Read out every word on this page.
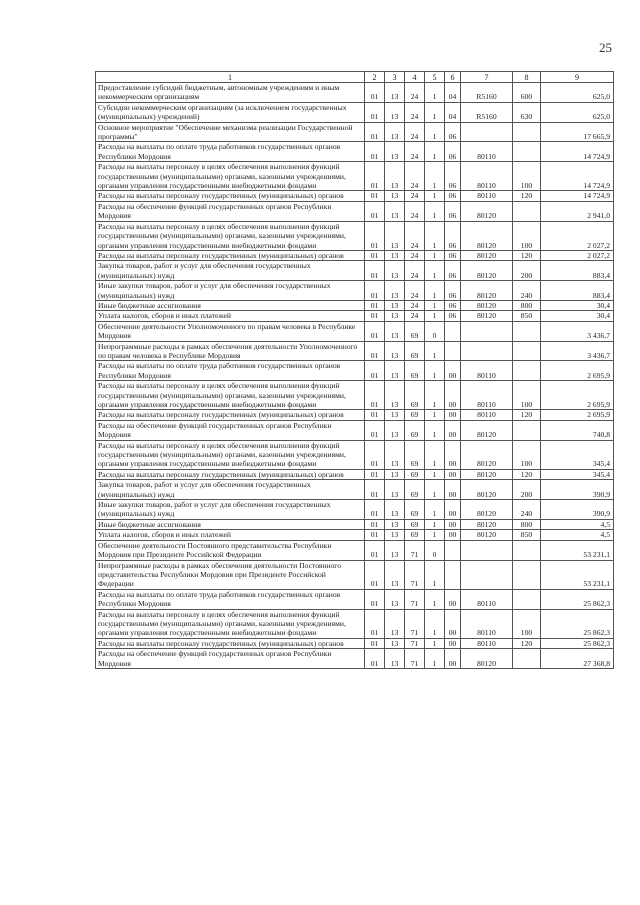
25
1	2	3	4	5	6	7	8	9
Предоставление субсидий бюджетным, автономным учреждениям и иным некоммерческим организациям	01	13	24	1	04	R5160	600	625,0
Субсидии некоммерческим организациям (за исключением государственных (муниципальных) учреждений)	01	13	24	1	04	R5160	630	625,0
Основное мероприятие "Обеспечение механизма реализации Государственной программы"	01	13	24	1	06			17 665,9
Расходы на выплаты по оплате труда работников государственных органов Республики Мордовия	01	13	24	1	06	80110		14 724,9
Расходы на выплаты персоналу в целях обеспечения выполнения функций государственными (муниципальными) органами, казенными учреждениями, органами управления государственными внебюджетными фондами	01	13	24	1	06	80110	100	14 724,9
Расходы на выплаты персоналу государственных (муниципальных) органов	01	13	24	1	06	80110	120	14 724,9
Расходы на обеспечение функций государственных органов Республики Мордовия	01	13	24	1	06	80120		2 941,0
Расходы на выплаты персоналу в целях обеспечения выполнения функций государственными (муниципальными) органами, казенными учреждениями, органами управления государственными внебюджетными фондами	01	13	24	1	06	80120	100	2 027,2
Расходы на выплаты персоналу государственных (муниципальных) органов	01	13	24	1	06	80120	120	2 027,2
Закупка товаров, работ и услуг для обеспечения государственных (муниципальных) нужд	01	13	24	1	06	80120	200	883,4
Иные закупки товаров, работ и услуг для обеспечения государственных (муниципальных) нужд	01	13	24	1	06	80120	240	883,4
Иные бюджетные ассигнования	01	13	24	1	06	80120	800	30,4
Уплата налогов, сборов и иных платежей	01	13	24	1	06	80120	850	30,4
Обеспечение деятельности Уполномоченного по правам человека в Республике Мордовия	01	13	69	0				3 436,7
Непрограммные расходы в рамках обеспечения деятельности Уполномоченного по правам человека в Республике Мордовия	01	13	69	1				3 436,7
Расходы на выплаты по оплате труда работников государственных органов Республики Мордовия	01	13	69	1	00	80110		2 695,9
Расходы на выплаты персоналу в целях обеспечения выполнения функций государственными (муниципальными) органами, казенными учреждениями, органами управления государственными внебюджетными фондами	01	13	69	1	00	80110	100	2 695,9
Расходы на выплаты персоналу государственных (муниципальных) органов	01	13	69	1	00	80110	120	2 695,9
Расходы на обеспечение функций государственных органов Республики Мордовия	01	13	69	1	00	80120		740,8
Расходы на выплаты персоналу в целях обеспечения выполнения функций государственными (муниципальными) органами, казенными учреждениями, органами управления государственными внебюджетными фондами	01	13	69	1	00	80120	100	345,4
Расходы на выплаты персоналу государственных (муниципальных) органов	01	13	69	1	00	80120	120	345,4
Закупка товаров, работ и услуг для обеспечения государственных (муниципальных) нужд	01	13	69	1	00	80120	200	390,9
Иные закупки товаров, работ и услуг для обеспечения государственных (муниципальных) нужд	01	13	69	1	00	80120	240	390,9
Иные бюджетные ассигнования	01	13	69	1	00	80120	800	4,5
Уплата налогов, сборов и иных платежей	01	13	69	1	00	80120	850	4,5
Обеспечение деятельности Постоянного представительства Республики Мордовия при Президенте Российской Федерации	01	13	71	0				53 231,1
Непрограммные расходы в рамках обеспечения деятельности Постоянного представительства Республики Мордовия при Президенте Российской Федерации	01	13	71	1				53 231,1
Расходы на выплаты по оплате труда работников государственных органов Республики Мордовия	01	13	71	1	00	80110		25 862,3
Расходы на выплаты персоналу в целях обеспечения выполнения функций государственными (муниципальными) органами, казенными учреждениями, органами управления государственными внебюджетными фондами	01	13	71	1	00	80110	100	25 862,3
Расходы на выплаты персоналу государственных (муниципальных) органов	01	13	71	1	00	80110	120	25 862,3
Расходы на обеспечение функций государственных органов Республики Мордовия	01	13	71	1	00	80120		27 368,8
